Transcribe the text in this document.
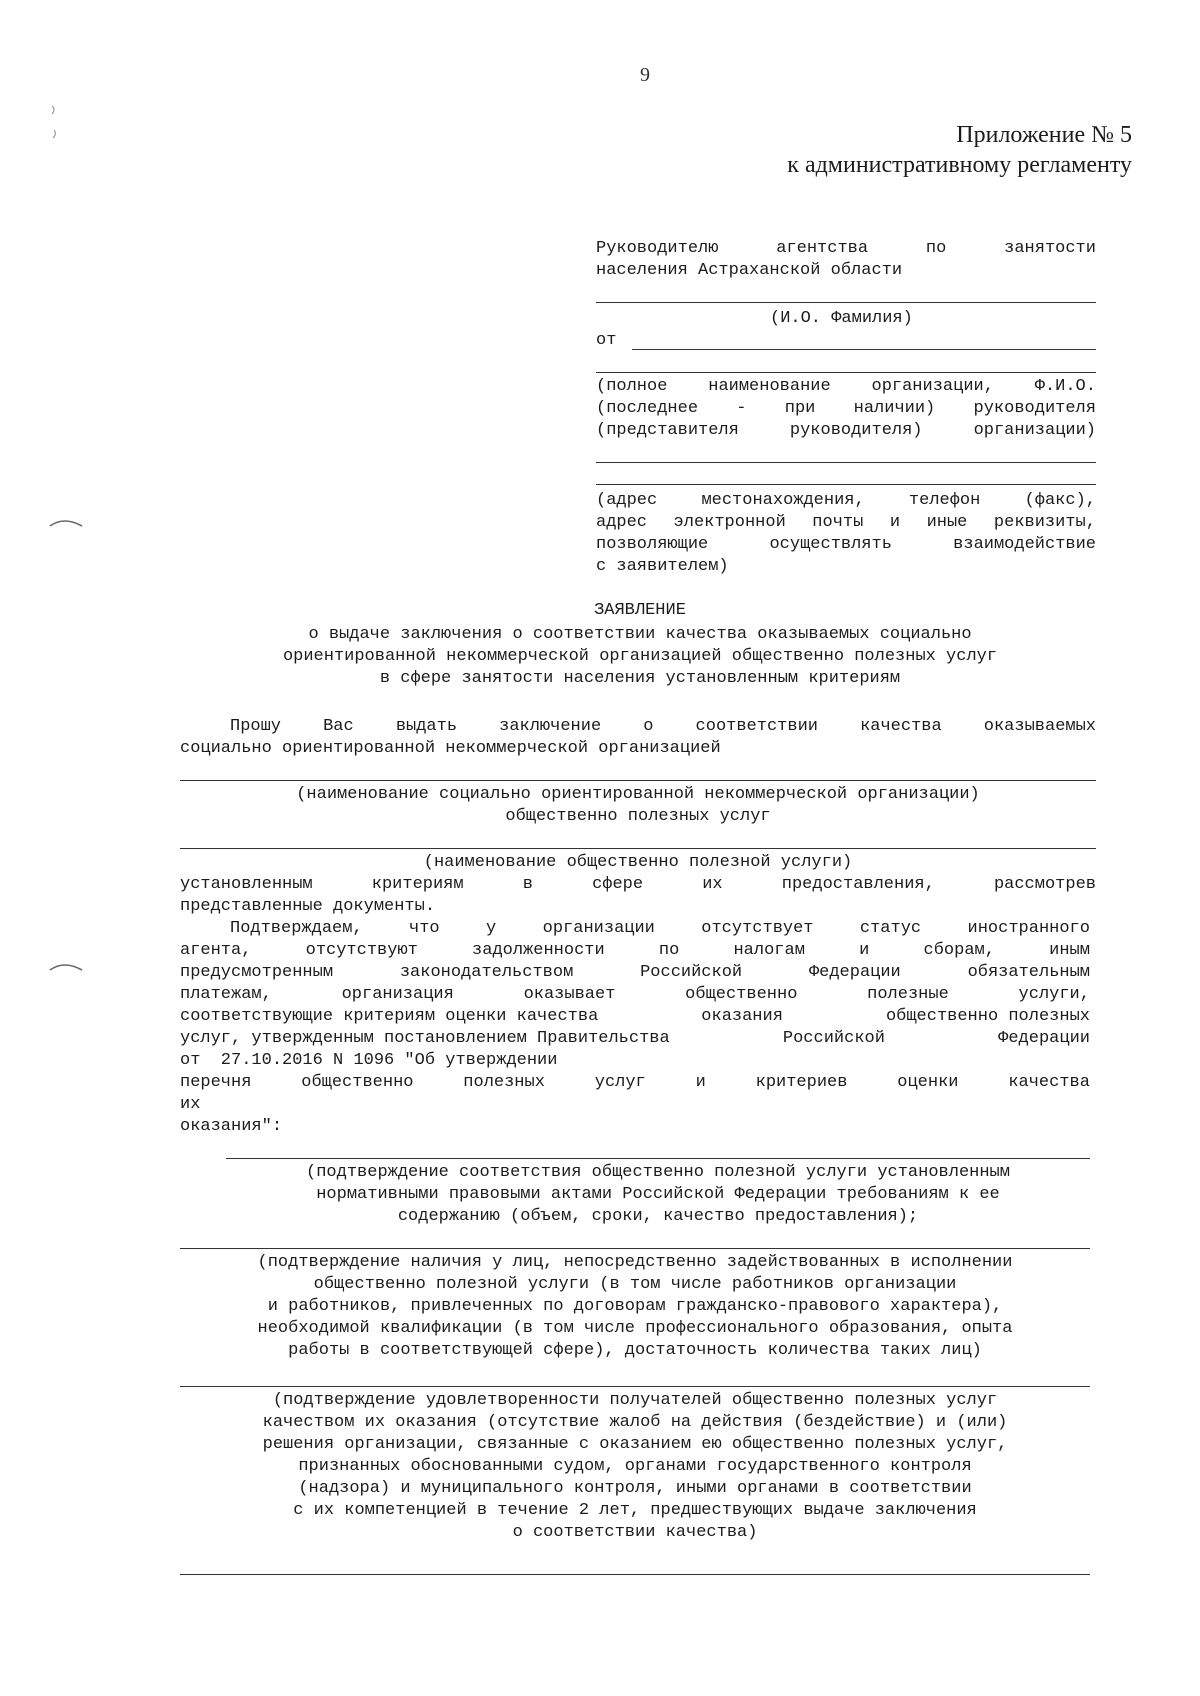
9
Приложение № 5
к административному регламенту
Руководителю	агентства	по	занятости
населения Астраханской области
(И.О. Фамилия)
от
(полное наименование организации, Ф.И.О.
(последнее - при наличии) руководителя
(представителя	руководителя)	организации)
(адрес	местонахождения,	телефон	(факс),
адрес электронной почты и иные реквизиты,
позволяющие	осуществлять	взаимодействие
с заявителем)
ЗАЯВЛЕНИЕ
о выдаче заключения о соответствии качества оказываемых социально
ориентированной некоммерческой организацией общественно полезных услуг
в сфере занятости населения установленным критериям
Прошу Вас выдать заключение о соответствии качества оказываемых
социально ориентированной некоммерческой организацией
(наименование социально ориентированной некоммерческой организации)
общественно полезных услуг
(наименование общественно полезной услуги)
установленным	критериям	в	сфере	их	предоставления,	рассмотрев
представленные документы.
Подтверждаем,	что	у	организации	отсутствует	статус	иностранного
агента,	отсутствуют	задолженности	по	налогам	и	сборам,	иным
предусмотренным	законодательством	Российской	Федерации	обязательным
платежам,	организация	оказывает	общественно	полезные	услуги,
соответствующие критериям оценки качества	оказания	общественно полезных
услуг, утвержденным постановлением Правительства	Российской	Федерации
от  27.10.2016 N 1096 "Об утверждении
перечня	общественно	полезных	услуг	и	критериев	оценки	качества
их
оказания":
(подтверждение соответствия общественно полезной услуги установленным
нормативными правовыми актами Российской Федерации требованиям к ее
содержанию (объем, сроки, качество предоставления);
(подтверждение наличия у лиц, непосредственно задействованных в исполнении
общественно полезной услуги (в том числе работников организации
и работников, привлеченных по договорам гражданско-правового характера),
необходимой квалификации (в том числе профессионального образования, опыта
работы в соответствующей сфере), достаточность количества таких лиц)
(подтверждение удовлетворенности получателей общественно полезных услуг
качеством их оказания (отсутствие жалоб на действия (бездействие) и (или)
решения организации, связанные с оказанием ею общественно полезных услуг,
признанных обоснованными судом, органами государственного контроля
(надзора) и муниципального контроля, иными органами в соответствии
с их компетенцией в течение 2 лет, предшествующих выдаче заключения
о соответствии качества)
